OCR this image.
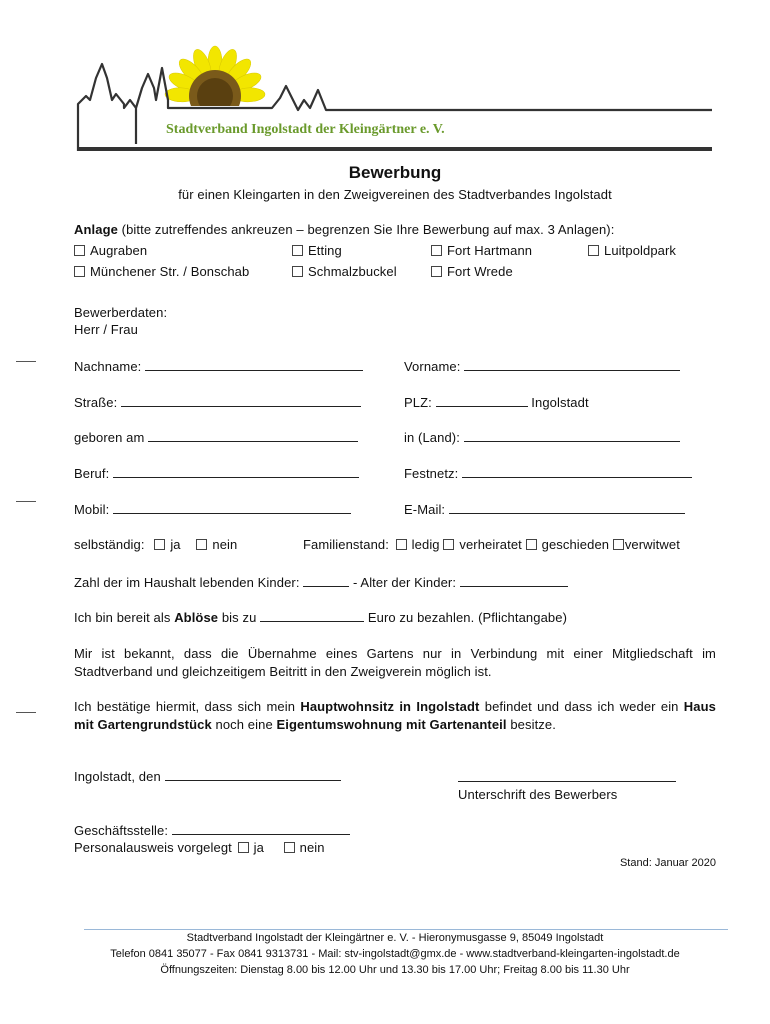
Stadtverband Ingolstadt der Kleingärtner e. V.
Bewerbung
für einen Kleingarten in den Zweigvereinen des Stadtverbandes Ingolstadt
Anlage (bitte zutreffendes ankreuzen – begrenzen Sie Ihre Bewerbung auf max. 3 Anlagen):
Augraben	Etting	Fort Hartmann	Luitpoldpark
Münchener Str. / Bonschab	Schmalzbuckel	Fort Wrede
Bewerberdaten:
Herr / Frau
Nachname:	Vorname:
Straße:	PLZ:	Ingolstadt
geboren am	in (Land):
Beruf:	Festnetz:
Mobil:	E-Mail:
selbständig: ja nein	Familienstand: ledig verheiratet geschieden verwitwet
Zahl der im Haushalt lebenden Kinder:	- Alter der Kinder:
Ich bin bereit als Ablöse bis zu	Euro zu bezahlen. (Pflichtangabe)
Mir ist bekannt, dass die Übernahme eines Gartens nur in Verbindung mit einer Mitgliedschaft im
Stadtverband und gleichzeitigem Beitritt in den Zweigverein möglich ist.
Ich bestätige hiermit, dass sich mein Hauptwohnsitz in Ingolstadt befindet und dass ich weder ein Haus
mit Gartengrundstück noch eine Eigentumswohnung mit Gartenanteil besitze.
Ingolstadt, den
Unterschrift des Bewerbers
Geschäftsstelle:
Personalausweis vorgelegt ja	nein
Stand: Januar 2020
Stadtverband Ingolstadt der Kleingärtner e. V. - Hieronymusgasse 9, 85049 Ingolstadt
Telefon 0841 35077 - Fax 0841 9313731 - Mail: stv-ingolstadt@gmx.de - www.stadtverband-kleingarten-ingolstadt.de
Öffnungszeiten: Dienstag 8.00 bis 12.00 Uhr und 13.30 bis 17.00 Uhr; Freitag 8.00 bis 11.30 Uhr
